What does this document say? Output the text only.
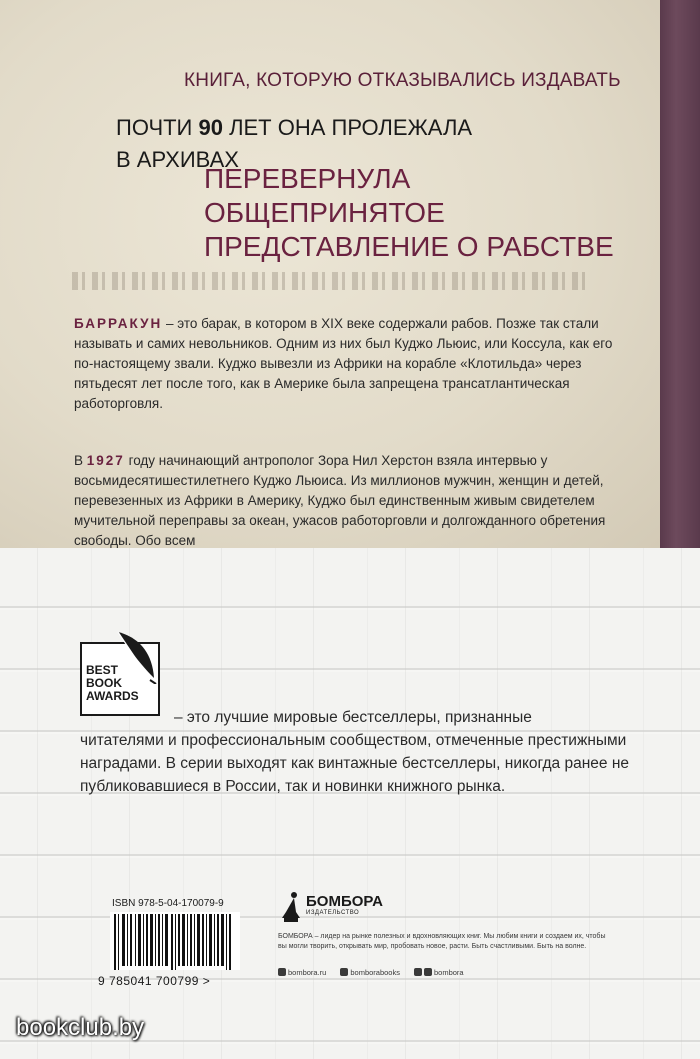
КНИГА, КОТОРУЮ ОТКАЗЫВАЛИСЬ ИЗДАВАТЬ
ПОЧТИ 90 ЛЕТ ОНА ПРОЛЕЖАЛА
В АРХИВАХ
ПЕРЕВЕРНУЛА ОБЩЕПРИНЯТОЕ
ПРЕДСТАВЛЕНИЕ О РАБСТВЕ
БАРРАКУН – это барак, в котором в XIX веке содержали рабов. Позже так стали называть и самих невольников. Одним из них был Куджо Льюис, или Коссула, как его по-настоящему звали. Куджо вывезли из Африки на корабле «Клотильда» через пятьдесят лет после того, как в Америке была запрещена трансатлантическая работорговля.
В 1927 году начинающий антрополог Зора Нил Херстон взяла интервью у восьмидесятишестилетнего Куджо Льюиса. Из миллионов мужчин, женщин и детей, перевезенных из Африки в Америку, Куджо был единственным живым свидетелем мучительной переправы за океан, ужасов работорговли и долгожданного обретения свободы. Обо всем
BEST
BOOK
AWARDS
– это лучшие мировые бестселлеры, признанные
читателями и профессиональным сообществом, отмеченные престижными наградами. В серии выходят как винтажные бестселлеры, никогда ранее не публиковавшиеся в России, так и новинки книжного рынка.
ISBN 978-5-04-170079-9
9 785041 700799 >
БОМБОРА
ИЗДАТЕЛЬСТВО
БОМБОРА – лидер на рынке полезных и вдохновляющих книг. Мы любим книги и создаем их, чтобы вы могли творить, открывать мир, пробовать новое, расти. Быть счастливыми. Быть на волне.
bombora.ru	bomborabooks	bombora
bookclub.by
